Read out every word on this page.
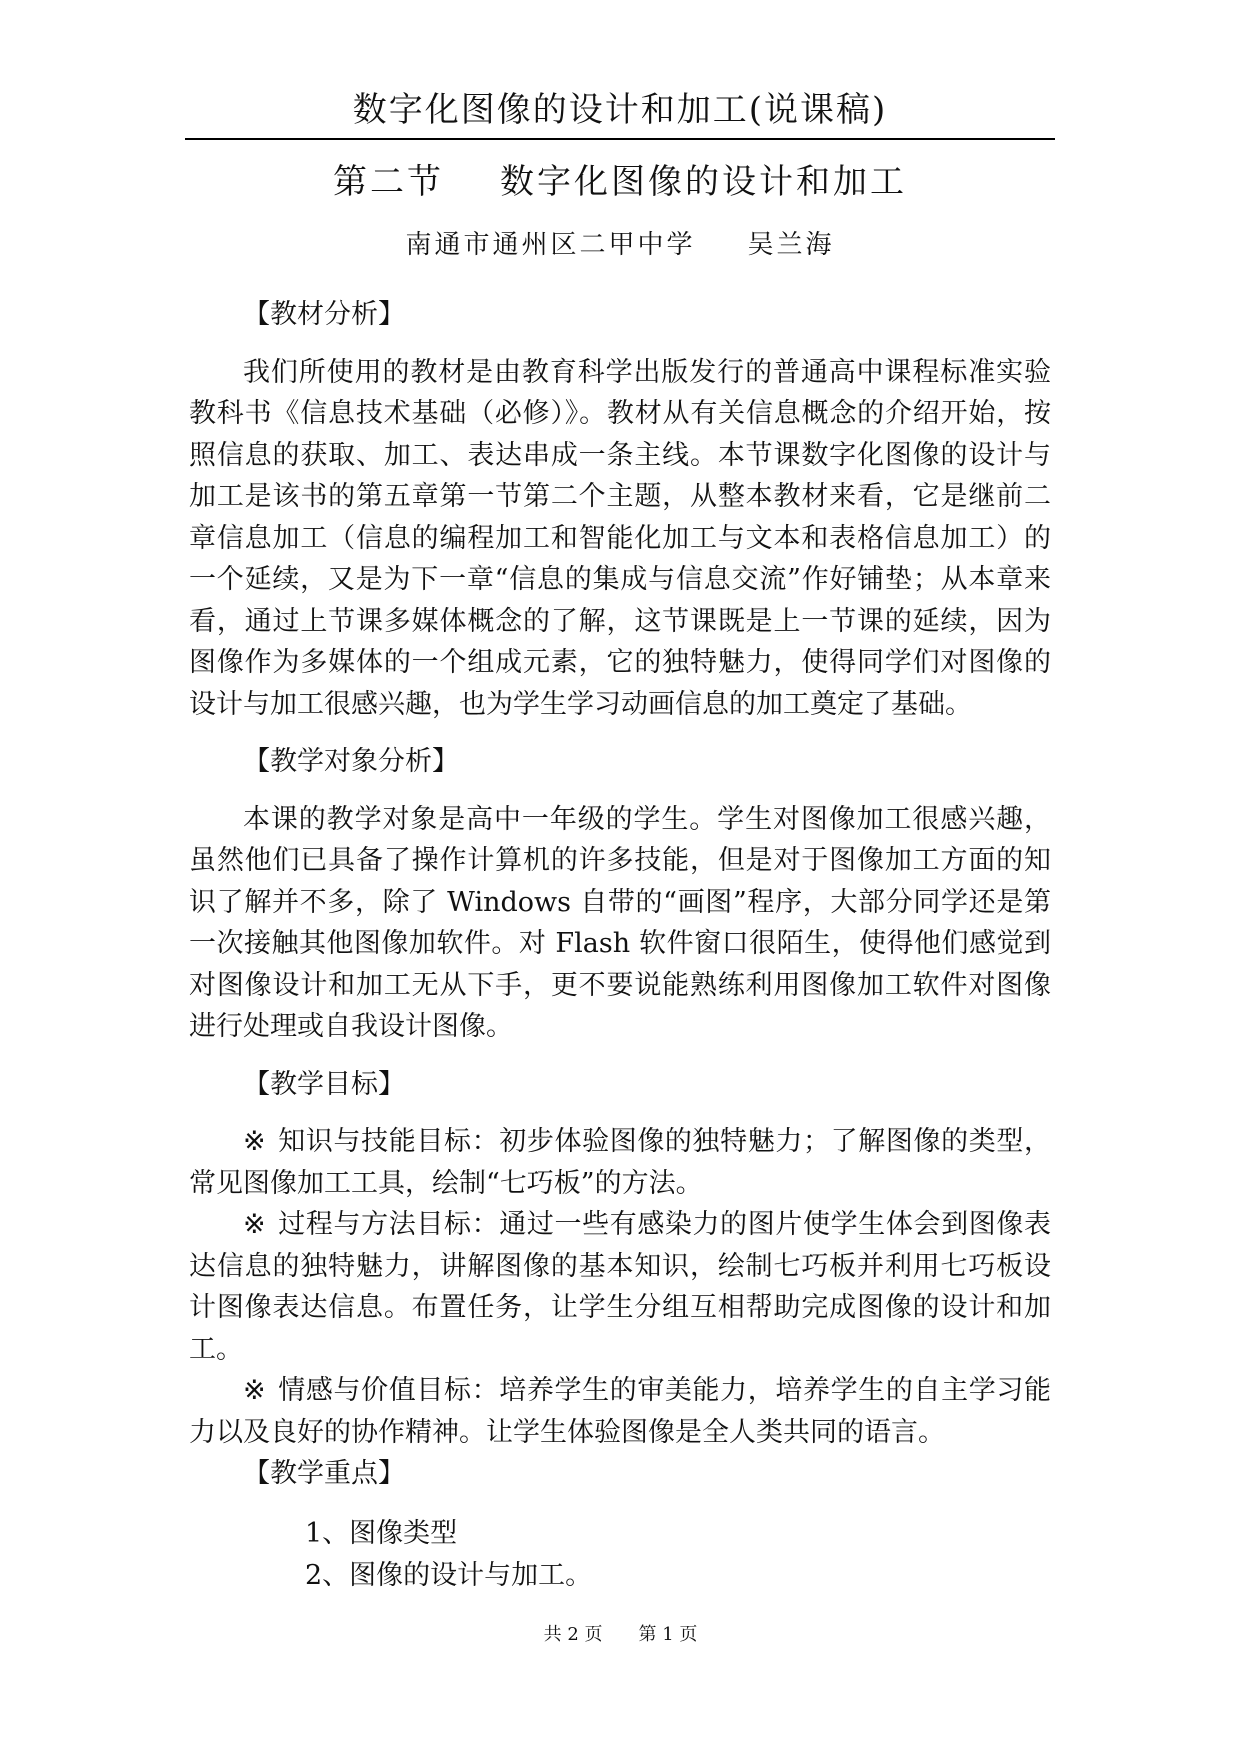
数字化图像的设计和加工(说课稿)
第二节 数字化图像的设计和加工
南通市通州区二甲中学 吴兰海

【教材分析】

我们所使用的教材是由教育科学出版发行的普通高中课程标准实验教科书《信息技术基础（必修）》。教材从有关信息概念的介绍开始，按照信息的获取、加工、表达串成一条主线。本节课数字化图像的设计与加工是该书的第五章第一节第二个主题，从整本教材来看，它是继前二章信息加工（信息的编程加工和智能化加工与文本和表格信息加工）的一个延续，又是为下一章“信息的集成与信息交流”作好铺垫；从本章来看，通过上节课多媒体概念的了解，这节课既是上一节课的延续，因为图像作为多媒体的一个组成元素，它的独特魅力，使得同学们对图像的设计与加工很感兴趣，也为学生学习动画信息的加工奠定了基础。

【教学对象分析】

本课的教学对象是高中一年级的学生。学生对图像加工很感兴趣，虽然他们已具备了操作计算机的许多技能，但是对于图像加工方面的知识了解并不多，除了 Windows 自带的“画图”程序，大部分同学还是第一次接触其他图像加软件。对 Flash 软件窗口很陌生，使得他们感觉到对图像设计和加工无从下手，更不要说能熟练利用图像加工软件对图像进行处理或自我设计图像。

【教学目标】

※ 知识与技能目标：初步体验图像的独特魅力；了解图像的类型，常见图像加工工具，绘制“七巧板”的方法。

※ 过程与方法目标：通过一些有感染力的图片使学生体会到图像表达信息的独特魅力，讲解图像的基本知识，绘制七巧板并利用七巧板设计图像表达信息。布置任务，让学生分组互相帮助完成图像的设计和加工。

※ 情感与价值目标：培养学生的审美能力，培养学生的自主学习能力以及良好的协作精神。让学生体验图像是全人类共同的语言。

【教学重点】

1、图像类型
2、图像的设计与加工。
共 2 页 第 1 页
